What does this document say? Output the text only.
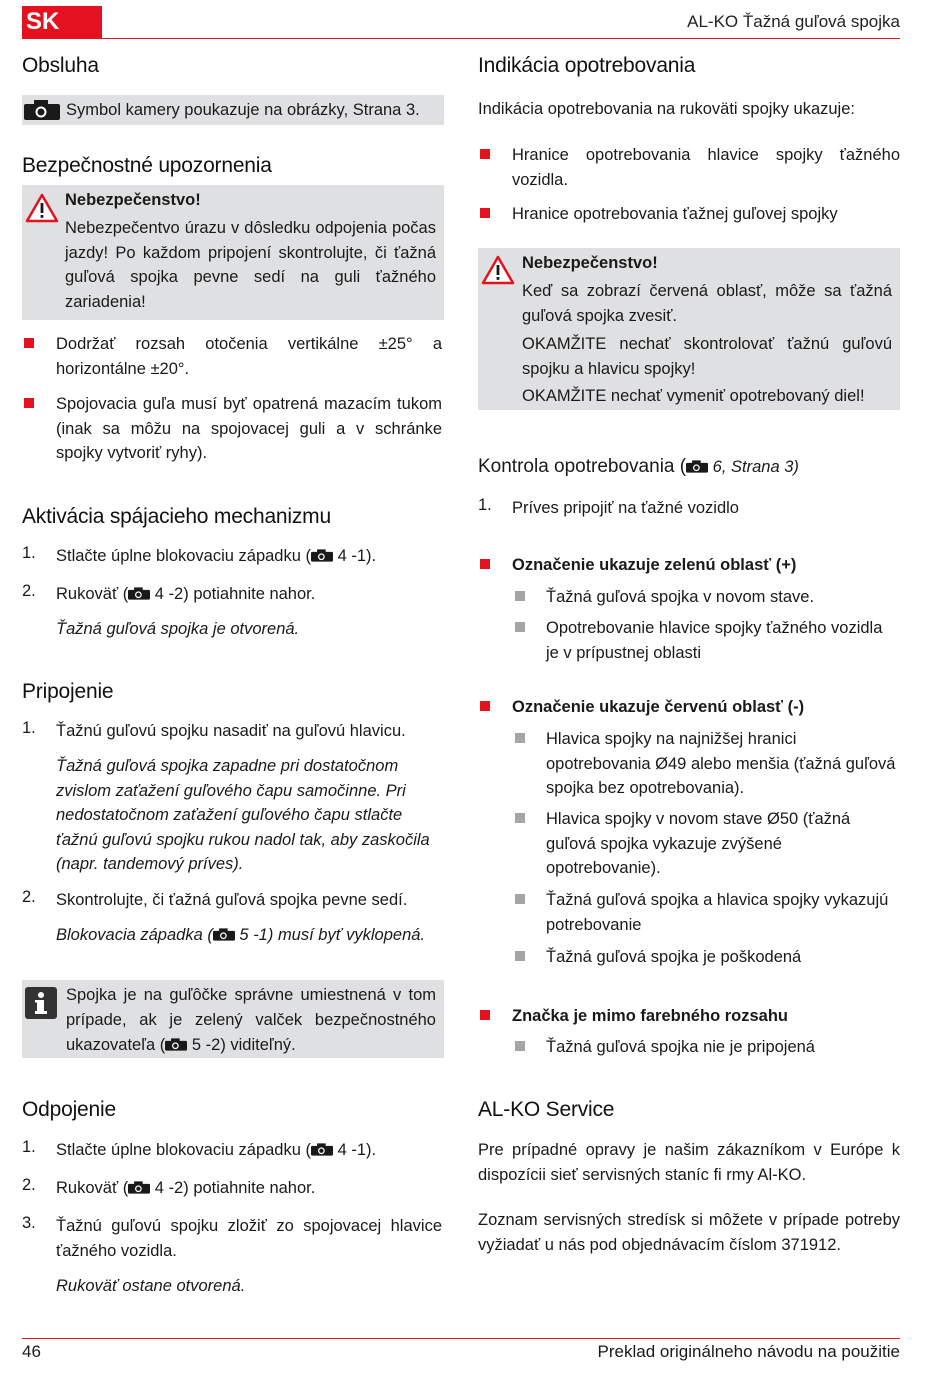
SK	AL-KO Ťažná guľová spojka
Obsluha
Symbol kamery poukazuje na obrázky, Strana 3.
Bezpečnostné upozornenia
Nebezpečenstvo!
Nebezpečentvo úrazu v dôsledku odpojenia počas jazdy! Po každom pripojení skontrolujte, či ťažná guľová spojka pevne sedí na guli ťažného zariadenia!
Dodržať rozsah otočenia vertikálne ±25° a horizontálne ±20°.
Spojovacia guľa musí byť opatrená mazacím tukom (inak sa môžu na spojovacej guli a v schránke spojky vytvoriť ryhy).
Aktivácia spájacieho mechanizmu
1. Stlačte úplne blokovaciu západku ( 4 -1).
2. Rukoväť ( 4 -2) potiahnite nahor.
Ťažná guľová spojka je otvorená.
Pripojenie
1. Ťažnú guľovú spojku nasadiť na guľovú hlavicu.
Ťažná guľová spojka zapadne pri dostatočnom zvislom zaťažení guľového čapu samočinne. Pri nedostatočnom zaťažení guľového čapu stlačte ťažnú guľovú spojku rukou nadol tak, aby zaskočila (napr. tandemový príves).
2. Skontrolujte, či ťažná guľová spojka pevne sedí.
Blokovacia západka ( 5 -1) musí byť vyklopená.
Spojka je na guľôčke správne umiestnená v tom prípade, ak je zelený valček bezpečnostného ukazovateľa ( 5 -2) viditeľný.
Odpojenie
1. Stlačte úplne blokovaciu západku ( 4 -1).
2. Rukoväť ( 4 -2) potiahnite nahor.
3. Ťažnú guľovú spojku zložiť zo spojovacej hlavice ťažného vozidla.
Rukoväť ostane otvorená.
Indikácia opotrebovania
Indikácia opotrebovania na rukoväti spojky ukazuje:
Hranice opotrebovania hlavice spojky ťažného vozidla.
Hranice opotrebovania ťažnej guľovej spojky
Nebezpečenstvo!
Keď sa zobrazí červená oblasť, môže sa ťažná guľová spojka zvesiť.
OKAMŽITE nechať skontrolovať ťažnú guľovú spojku a hlavicu spojky!
OKAMŽITE nechať vymeniť opotrebovaný diel!
Kontrola opotrebovania ( 6, Strana 3)
1. Príves pripojiť na ťažné vozidlo
Označenie ukazuje zelenú oblasť (+)
Ťažná guľová spojka v novom stave.
Opotrebovanie hlavice spojky ťažného vozidla je v prípustnej oblasti
Označenie ukazuje červenú oblasť (-)
Hlavica spojky na najnižšej hranici opotrebovania Ø49 alebo menšia (ťažná guľová spojka bez opotrebovania).
Hlavica spojky v novom stave Ø50 (ťažná guľová spojka vykazuje zvýšené opotrebovanie).
Ťažná guľová spojka a hlavica spojky vykazujú potrebovanie
Ťažná guľová spojka je poškodená
Značka je mimo farebného rozsahu
Ťažná guľová spojka nie je pripojená
AL-KO Service
Pre prípadné opravy je našim zákazníkom v Európe k dispozícii sieť servisných staníc fi rmy Al-KO.
Zoznam servisných stredísk si môžete v prípade potreby vyžiadať u nás pod objednávacím číslom 371912.
46	Preklad originálneho návodu na použitie
